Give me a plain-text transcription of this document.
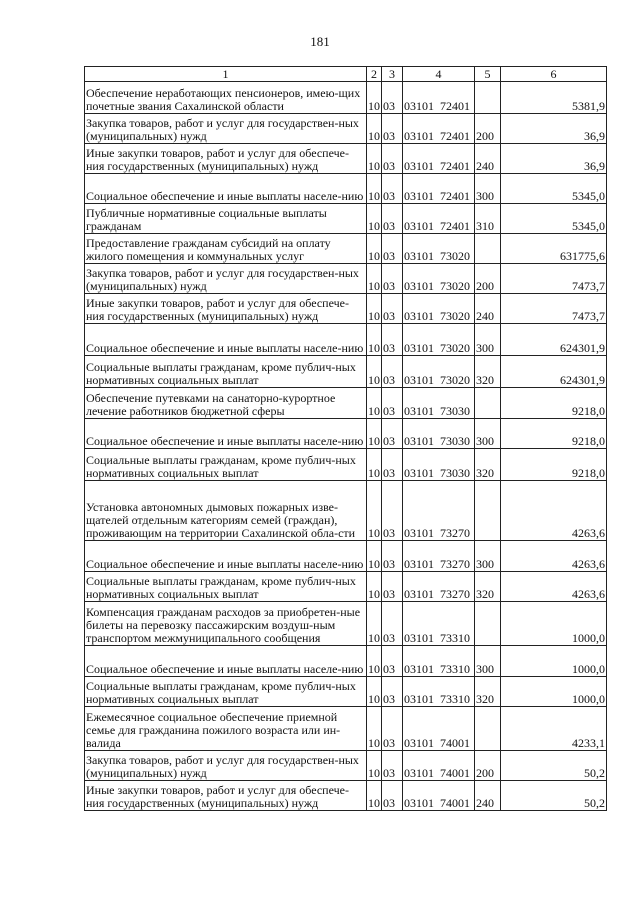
181
1	2	3	4	5	6
Обеспечение неработающих пенсионеров, имею-щих почетные звания Сахалинской области	10	03	03101  72401		5381,9
Закупка товаров, работ и услуг для государствен-ных (муниципальных) нужд	10	03	03101  72401	200	36,9
Иные закупки товаров, работ и услуг для обеспече-ния государственных (муниципальных) нужд	10	03	03101  72401	240	36,9
Социальное обеспечение и иные выплаты населе-нию	10	03	03101  72401	300	5345,0
Публичные нормативные социальные выплаты гражданам	10	03	03101  72401	310	5345,0
Предоставление гражданам субсидий на оплату жилого помещения и коммунальных услуг	10	03	03101  73020		631775,6
Закупка товаров, работ и услуг для государствен-ных (муниципальных) нужд	10	03	03101  73020	200	7473,7
Иные закупки товаров, работ и услуг для обеспече-ния государственных (муниципальных) нужд	10	03	03101  73020	240	7473,7
Социальное обеспечение и иные выплаты населе-нию	10	03	03101  73020	300	624301,9
Социальные выплаты гражданам, кроме публич-ных нормативных социальных выплат	10	03	03101  73020	320	624301,9
Обеспечение путевками на санаторно-курортное лечение работников бюджетной сферы	10	03	03101  73030		9218,0
Социальное обеспечение и иные выплаты населе-нию	10	03	03101  73030	300	9218,0
Социальные выплаты гражданам, кроме публич-ных нормативных социальных выплат	10	03	03101  73030	320	9218,0
Установка автономных дымовых пожарных изве-щателей отдельным категориям семей (граждан), проживающим на территории Сахалинской обла-сти	10	03	03101  73270		4263,6
Социальное обеспечение и иные выплаты населе-нию	10	03	03101  73270	300	4263,6
Социальные выплаты гражданам, кроме публич-ных нормативных социальных выплат	10	03	03101  73270	320	4263,6
Компенсация гражданам расходов за приобретен-ные билеты на перевозку пассажирским воздуш-ным транспортом межмуниципального сообщения	10	03	03101  73310		1000,0
Социальное обеспечение и иные выплаты населе-нию	10	03	03101  73310	300	1000,0
Социальные выплаты гражданам, кроме публич-ных нормативных социальных выплат	10	03	03101  73310	320	1000,0
Ежемесячное социальное обеспечение приемной семье для гражданина пожилого возраста или ин-валида	10	03	03101  74001		4233,1
Закупка товаров, работ и услуг для государствен-ных (муниципальных) нужд	10	03	03101  74001	200	50,2
Иные закупки товаров, работ и услуг для обеспече-ния государственных (муниципальных) нужд	10	03	03101  74001	240	50,2
